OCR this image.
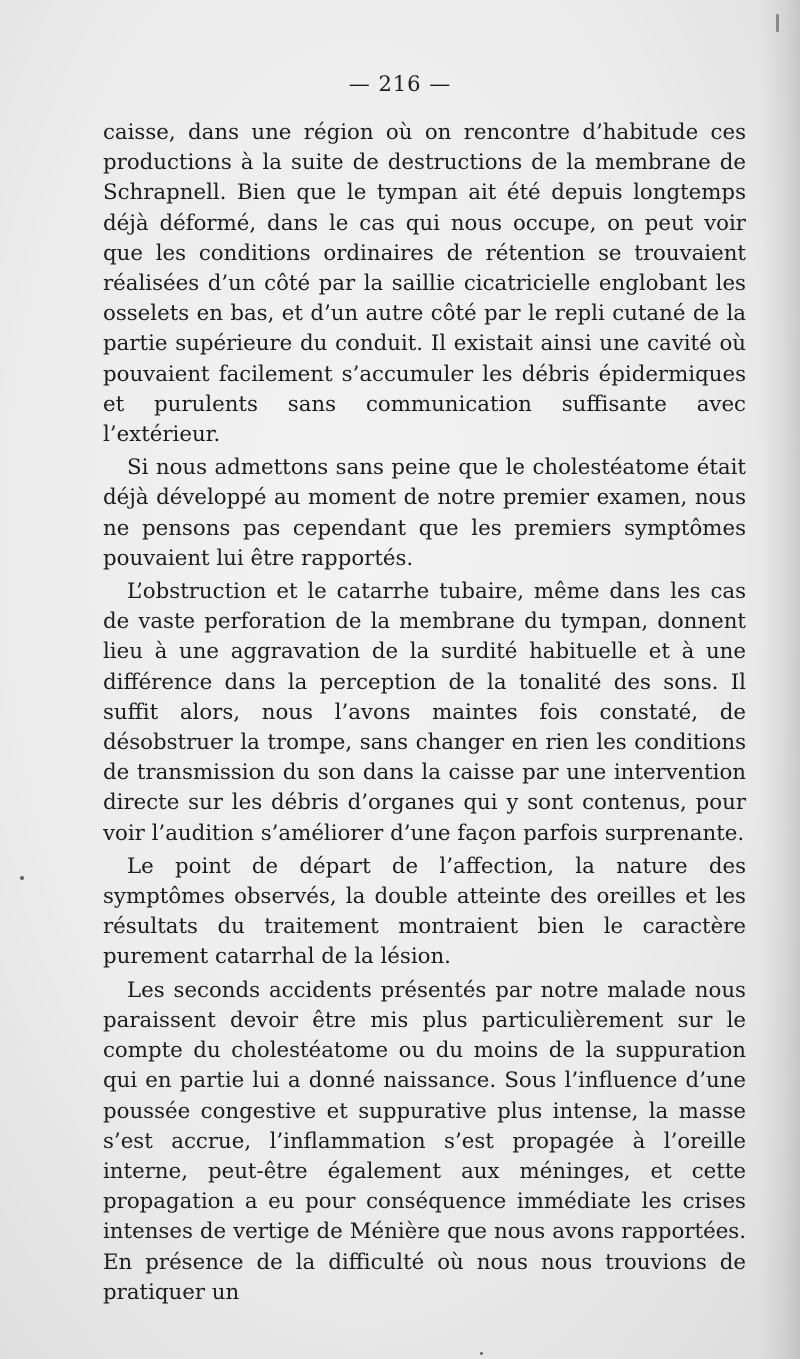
— 216 —

caisse, dans une région où on rencontre d’habitude ces productions à la suite de destructions de la membrane de Schrapnell. Bien que le tympan ait été depuis longtemps déjà déformé, dans le cas qui nous occupe, on peut voir que les conditions ordinaires de rétention se trouvaient réalisées d’un côté par la saillie cicatricielle englobant les osselets en bas, et d’un autre côté par le repli cutané de la partie supérieure du conduit. Il existait ainsi une cavité où pouvaient facilement s’accumuler les débris épidermiques et purulents sans communication suffisante avec l’extérieur.

Si nous admettons sans peine que le cholestéatome était déjà développé au moment de notre premier examen, nous ne pensons pas cependant que les premiers symptômes pouvaient lui être rapportés.

L’obstruction et le catarrhe tubaire, même dans les cas de vaste perforation de la membrane du tympan, donnent lieu à une aggravation de la surdité habituelle et à une différence dans la perception de la tonalité des sons. Il suffit alors, nous l’avons maintes fois constaté, de désobstruer la trompe, sans changer en rien les conditions de transmission du son dans la caisse par une intervention directe sur les débris d’organes qui y sont contenus, pour voir l’audition s’améliorer d’une façon parfois surprenante.

Le point de départ de l’affection, la nature des symptômes observés, la double atteinte des oreilles et les résultats du traitement montraient bien le caractère purement catarrhal de la lésion.

Les seconds accidents présentés par notre malade nous paraissent devoir être mis plus particulièrement sur le compte du cholestéatome ou du moins de la suppuration qui en partie lui a donné naissance. Sous l’influence d’une poussée congestive et suppurative plus intense, la masse s’est accrue, l’inflammation s’est propagée à l’oreille interne, peut-être également aux méninges, et cette propagation a eu pour conséquence immédiate les crises intenses de vertige de Ménière que nous avons rapportées. En présence de la difficulté où nous nous trouvions de pratiquer un
